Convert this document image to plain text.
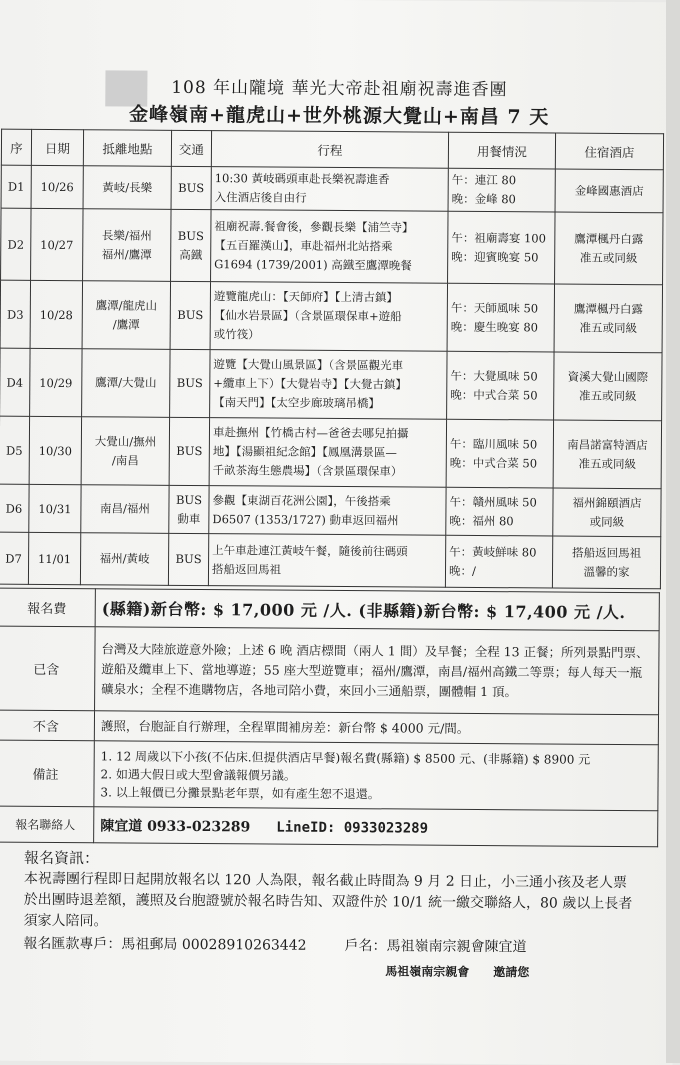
108 年山隴境 華光大帝赴祖廟祝壽進香團
金峰嶺南+龍虎山+世外桃源大覺山+南昌 7 天
序	日期	抵離地點	交通	行程	用餐情況	住宿酒店
D1	10/26	黃岐/長樂	BUS	10:30 黃岐碼頭車赴長樂祝壽進香
入住酒店後自由行	午：連江 80
晚：金峰 80	金峰國惠酒店

D2	10/27	長樂/福州
福州/鷹潭	BUS
高鐵	祖廟祝壽.餐會後，參觀長樂【浦竺寺】
【五百羅漢山】，車赴福州北站搭乘
G1694 (1739/2001) 高鐵至鷹潭晚餐	午：祖廟壽宴 100
晚：迎賓晚宴 50	鷹潭楓丹白露
准五或同級

D3	10/28	鷹潭/龍虎山
/鷹潭	BUS	遊覽龍虎山：【天師府】【上清古鎮】
【仙水岩景區】（含景區環保車+遊船
或竹筏）	午：天師風味 50
晚：慶生晚宴 80	鷹潭楓丹白露
准五或同級

D4	10/29	鷹潭/大覺山	BUS	遊覽【大覺山風景區】（含景區觀光車
+纜車上下）【大覺岩寺】【大覺古鎮】
【南天門】【太空步廊玻璃吊橋】	午：大覺風味 50
晚：中式合菜 50	資溪大覺山國際
准五或同級

D5	10/30	大覺山/撫州
/南昌	BUS	車赴撫州【竹橋古村—爸爸去哪兒拍攝
地】【湯顯祖紀念館】【鳳凰溝景區—
千畝茶海生態農場】（含景區環保車）	午：臨川風味 50
晚：中式合菜 50	南昌諾富特酒店
准五或同級

D6	10/31	南昌/福州	BUS
動車	參觀【東湖百花洲公園】，午後搭乘
D6507 (1353/1727) 動車返回福州	午：贛州風味 50
晚：福州 80	福州錦頤酒店
或同級

D7	11/01	福州/黃岐	BUS	上午車赴連江黃岐午餐，隨後前往碼頭
搭船返回馬祖	午：黃岐鮮味 80
晚：/	搭船返回馬祖
溫馨的家
報名費	(縣籍)新台幣: $ 17,000 元 /人. (非縣籍)新台幣: $ 17,400 元 /人.
已含	台灣及大陸旅遊意外險；上述 6 晚 酒店標間（兩人 1 間）及早餐；全程 13 正餐；所列景點門票、遊船及纜車上下、當地導遊；55 座大型遊覽車；福州/鷹潭，南昌/福州高鐵二等票；每人每天一瓶礦泉水；全程不進購物店，各地司陪小費，來回小三通船票，團體帽 1 頂。
不含	護照，台胞証自行辦理，全程單間補房差：新台幣 $ 4000 元/間。
備註	1. 12 周歲以下小孩(不佔床.但提供酒店早餐)報名費(縣籍) $ 8500 元、(非縣籍) $ 8900 元
2. 如遇大假日或大型會議報價另議。
3. 以上報價已分攤景點老年票，如有產生恕不退還。

報名聯絡人	陳宜道 0933-023289 LineID: 0933023289
報名資訊：
本祝壽團行程即日起開放報名以 120 人為限，報名截止時間為 9 月 2 日止，小三通小孩及老人票於出團時退差額，護照及台胞證號於報名時告知、双證件於 10/1 統一繳交聯絡人，80 歲以上長者須家人陪同。
報名匯款專戶：馬祖郵局 00028910263442	戶名：馬祖嶺南宗親會陳宜道
馬祖嶺南宗親會 邀請您
